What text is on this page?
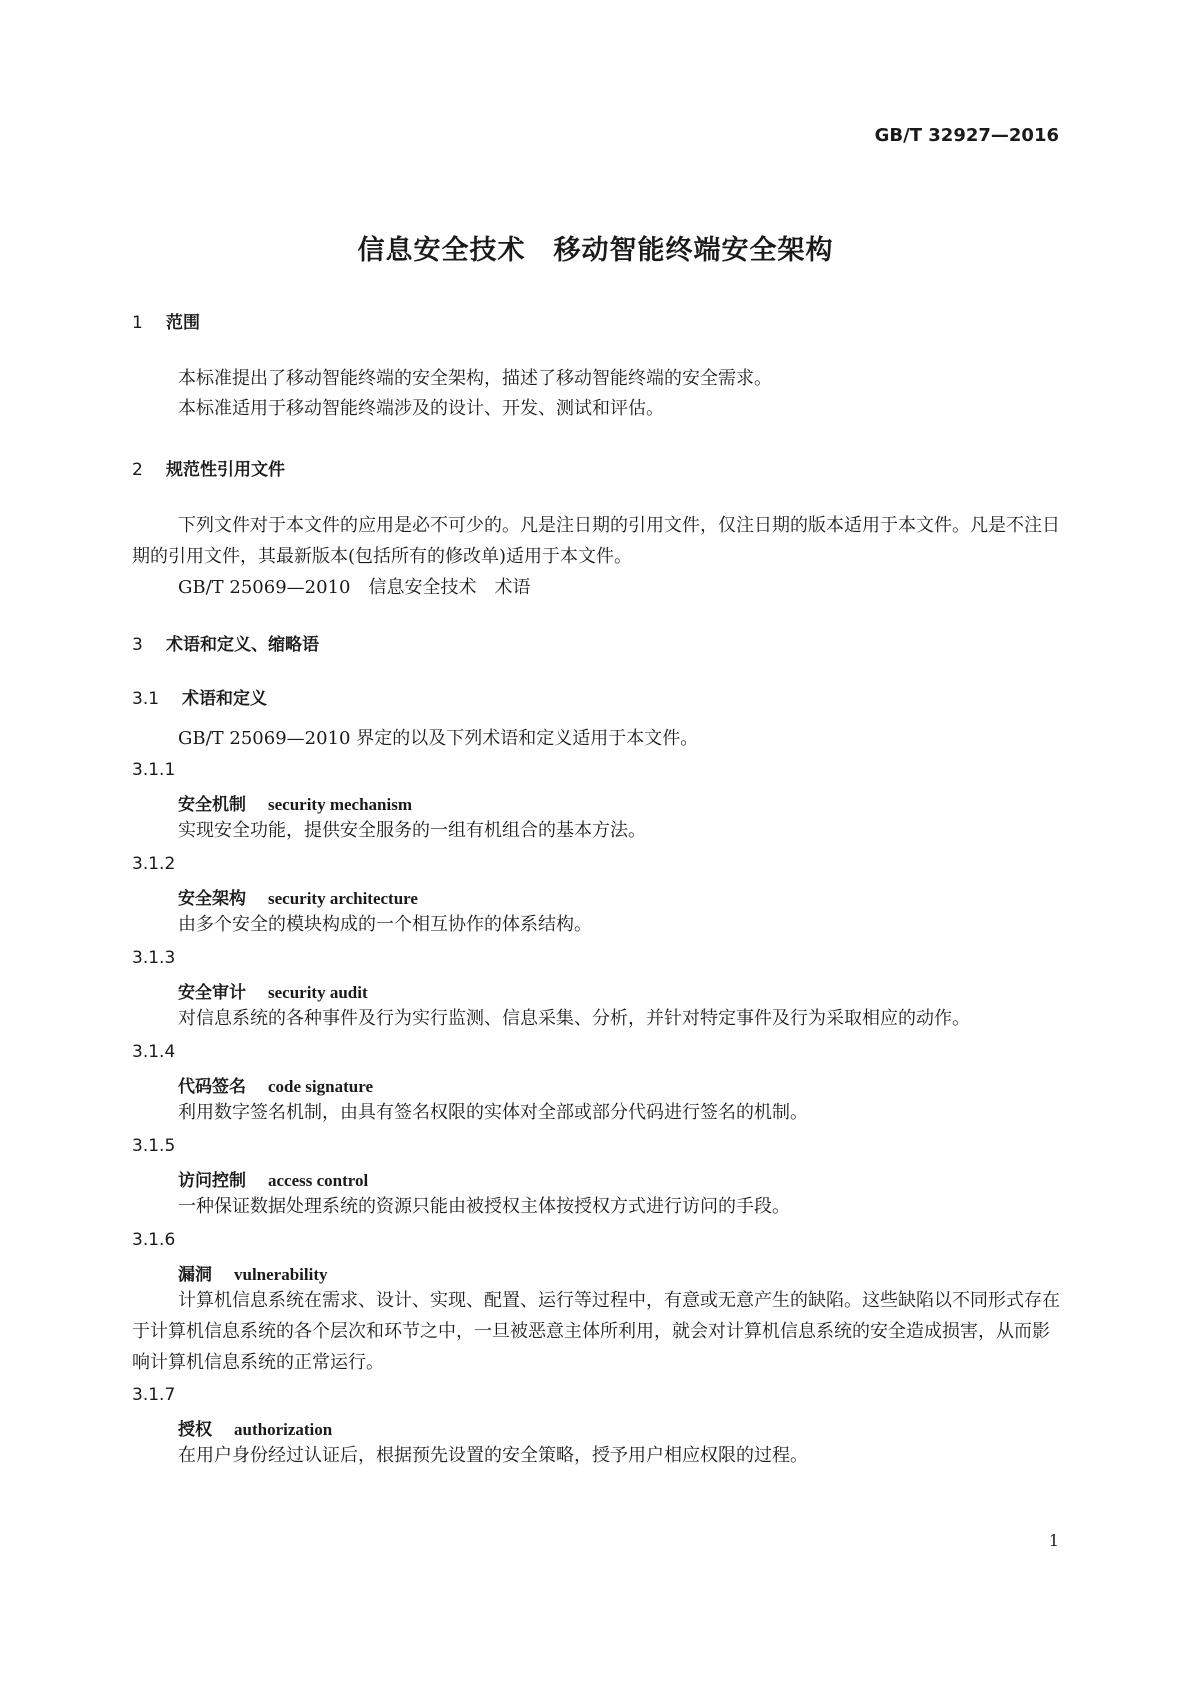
GB/T 32927—2016
信息安全技术　移动智能终端安全架构
1 范围
本标准提出了移动智能终端的安全架构，描述了移动智能终端的安全需求。
本标准适用于移动智能终端涉及的设计、开发、测试和评估。
2 规范性引用文件
下列文件对于本文件的应用是必不可少的。凡是注日期的引用文件，仅注日期的版本适用于本文件。凡是不注日期的引用文件，其最新版本(包括所有的修改单)适用于本文件。
GB/T 25069—2010　信息安全技术　术语
3 术语和定义、缩略语
3.1 术语和定义
GB/T 25069—2010 界定的以及下列术语和定义适用于本文件。
3.1.1
安全机制 security mechanism
实现安全功能，提供安全服务的一组有机组合的基本方法。
3.1.2
安全架构 security architecture
由多个安全的模块构成的一个相互协作的体系结构。
3.1.3
安全审计 security audit
对信息系统的各种事件及行为实行监测、信息采集、分析，并针对特定事件及行为采取相应的动作。
3.1.4
代码签名 code signature
利用数字签名机制，由具有签名权限的实体对全部或部分代码进行签名的机制。
3.1.5
访问控制 access control
一种保证数据处理系统的资源只能由被授权主体按授权方式进行访问的手段。
3.1.6
漏洞 vulnerability
计算机信息系统在需求、设计、实现、配置、运行等过程中，有意或无意产生的缺陷。这些缺陷以不同形式存在于计算机信息系统的各个层次和环节之中，一旦被恶意主体所利用，就会对计算机信息系统的安全造成损害，从而影响计算机信息系统的正常运行。
3.1.7
授权 authorization
在用户身份经过认证后，根据预先设置的安全策略，授予用户相应权限的过程。
1
